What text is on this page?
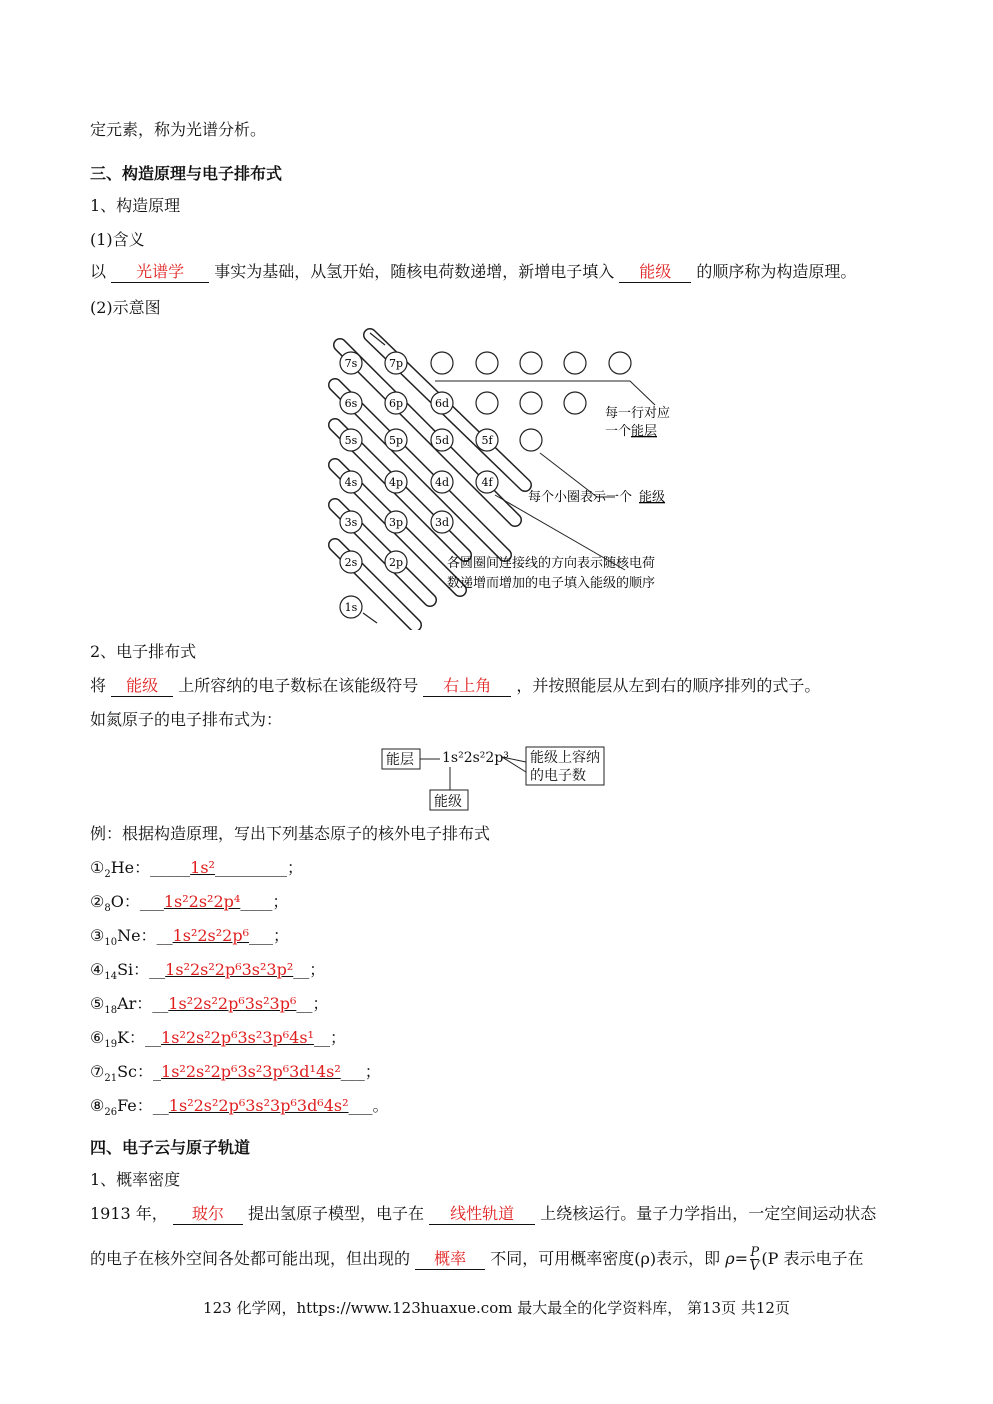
定元素，称为光谱分析。
三、构造原理与电子排布式
1、构造原理
(1)含义
以 光谱学 事实为基础，从氢开始，随核电荷数递增，新增电子填入 能级 的顺序称为构造原理。
(2)示意图
7s	7p
6s	6p	6d
5s	5p	5d	5f
4s	4p	4d	4f
3s	3p	3d
2s	2p
1s
每一行对应
一个 能层
每个小圈表示一个 能级
各圆圈间连接线的方向表示随核电荷
数递增而增加的电子填入能级的顺序
2、电子排布式
将 能级 上所容纳的电子数标在该能级符号 右上角 ，并按照能层从左到右的顺序排列的式子。
如氮原子的电子排布式为：
能层 1s²2s²2p³ 能级上容纳
的电子数
能级
例：根据构造原理，写出下列基态原子的核外电子排布式
$①_2He$：_____1s²_________；
$②_8O$：___1s²2s²2p⁴____；
$③_{10}Ne$：__1s²2s²2p⁶___；
$④_{14}Si$：__1s²2s²2p⁶3s²3p²__；
$⑤_{18}Ar$：__1s²2s²2p⁶3s²3p⁶__；
$⑥_{19}K$：__1s²2s²2p⁶3s²3p⁶4s¹__；
$⑦_{21}Sc$：_1s²2s²2p⁶3s²3p⁶3d¹4s²___；
$⑧_{26}Fe$：__1s²2s²2p⁶3s²3p⁶3d⁶4s²___。
四、电子云与原子轨道
1、概率密度
1913 年， 玻尔 提出氢原子模型，电子在 线性轨道 上绕核运行。量子力学指出，一定空间运动状态
的电子在核外空间各处都可能出现，但出现的 概率 不同，可用概率密度(ρ)表示，即 $\rho= \frac{P}{V} (P$ 表示电子在
123 化学网，https://www.123huaxue.com 最大最全的化学资料库， 第13页 共12页
